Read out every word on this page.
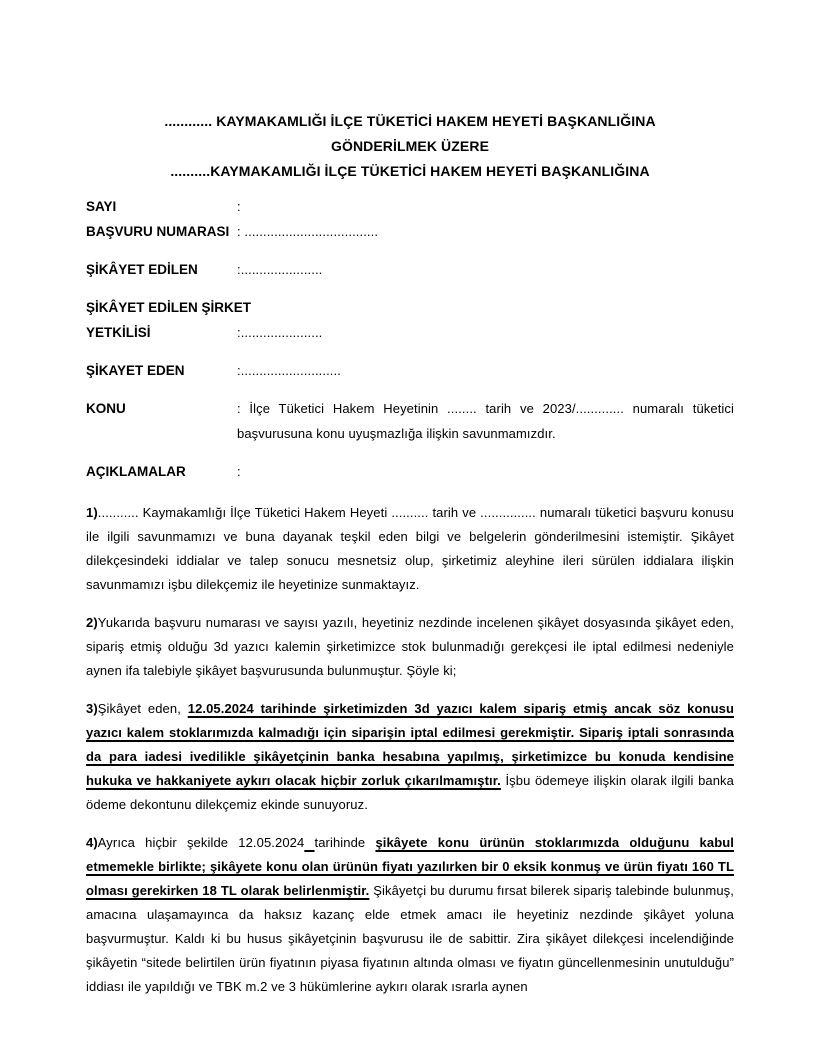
............ KAYMAKAMLIĞI İLÇE TÜKETİCİ HAKEM HEYETİ BAŞKANLIĞINA
GÖNDERİLMEK ÜZERE
..........KAYMAKAMLIĞI İLÇE TÜKETİCİ HAKEM HEYETİ BAŞKANLIĞINA
SAYI	:
BAŞVURU NUMARASI : ....................................
ŞİKÂYET EDİLEN	:......................
ŞİKÂYET EDİLEN ŞİRKET
YETKİLİSİ	:......................
ŞİKAYET EDEN	:...........................
KONU	: İlçe Tüketici Hakem Heyetinin ........ tarih ve 2023/............. numaralı tüketici başvurusuna konu uyuşmazlığa ilişkin savunmamızdır.
AÇIKLAMALAR	:

1)........... Kaymakamlığı İlçe Tüketici Hakem Heyeti .......... tarih ve ............... numaralı tüketici başvuru konusu ile ilgili savunmamızı ve buna dayanak teşkil eden bilgi ve belgelerin gönderilmesini istemiştir. Şikâyet dilekçesindeki iddialar ve talep sonucu mesnetsiz olup, şirketimiz aleyhine ileri sürülen iddialara ilişkin savunmamızı işbu dilekçemiz ile heyetinize sunmaktayız.

2)Yukarıda başvuru numarası ve sayısı yazılı, heyetiniz nezdinde incelenen şikâyet dosyasında şikâyet eden, sipariş etmiş olduğu 3d yazıcı kalemin şirketimizce stok bulunmadığı gerekçesi ile iptal edilmesi nedeniyle aynen ifa talebiyle şikâyet başvurusunda bulunmuştur. Şöyle ki;

3)Şikâyet eden, 12.05.2024 tarihinde şirketimizden 3d yazıcı kalem sipariş etmiş ancak söz konusu yazıcı kalem stoklarımızda kalmadığı için siparişin iptal edilmesi gerekmiştir. Sipariş iptali sonrasında da para iadesi ivedilikle şikâyetçinin banka hesabına yapılmış, şirketimizce bu konuda kendisine hukuka ve hakkaniyete aykırı olacak hiçbir zorluk çıkarılmamıştır. İşbu ödemeye ilişkin olarak ilgili banka ödeme dekontunu dilekçemiz ekinde sunuyoruz.

4)Ayrıca hiçbir şekilde 12.05.2024 tarihinde şikâyete konu ürünün stoklarımızda olduğunu kabul etmemekle birlikte; şikâyete konu olan ürünün fiyatı yazılırken bir 0 eksik konmuş ve ürün fiyatı 160 TL olması gerekirken 18 TL olarak belirlenmiştir. Şikâyetçi bu durumu fırsat bilerek sipariş talebinde bulunmuş, amacına ulaşamayınca da haksız kazanç elde etmek amacı ile heyetiniz nezdinde şikâyet yoluna başvurmuştur. Kaldı ki bu husus şikâyetçinin başvurusu ile de sabittir. Zira şikâyet dilekçesi incelendiğinde şikâyetin “sitede belirtilen ürün fiyatının piyasa fiyatının altında olması ve fiyatın güncellenmesinin unutulduğu” iddiası ile yapıldığı ve TBK m.2 ve 3 hükümlerine aykırı olarak ısrarla aynen
